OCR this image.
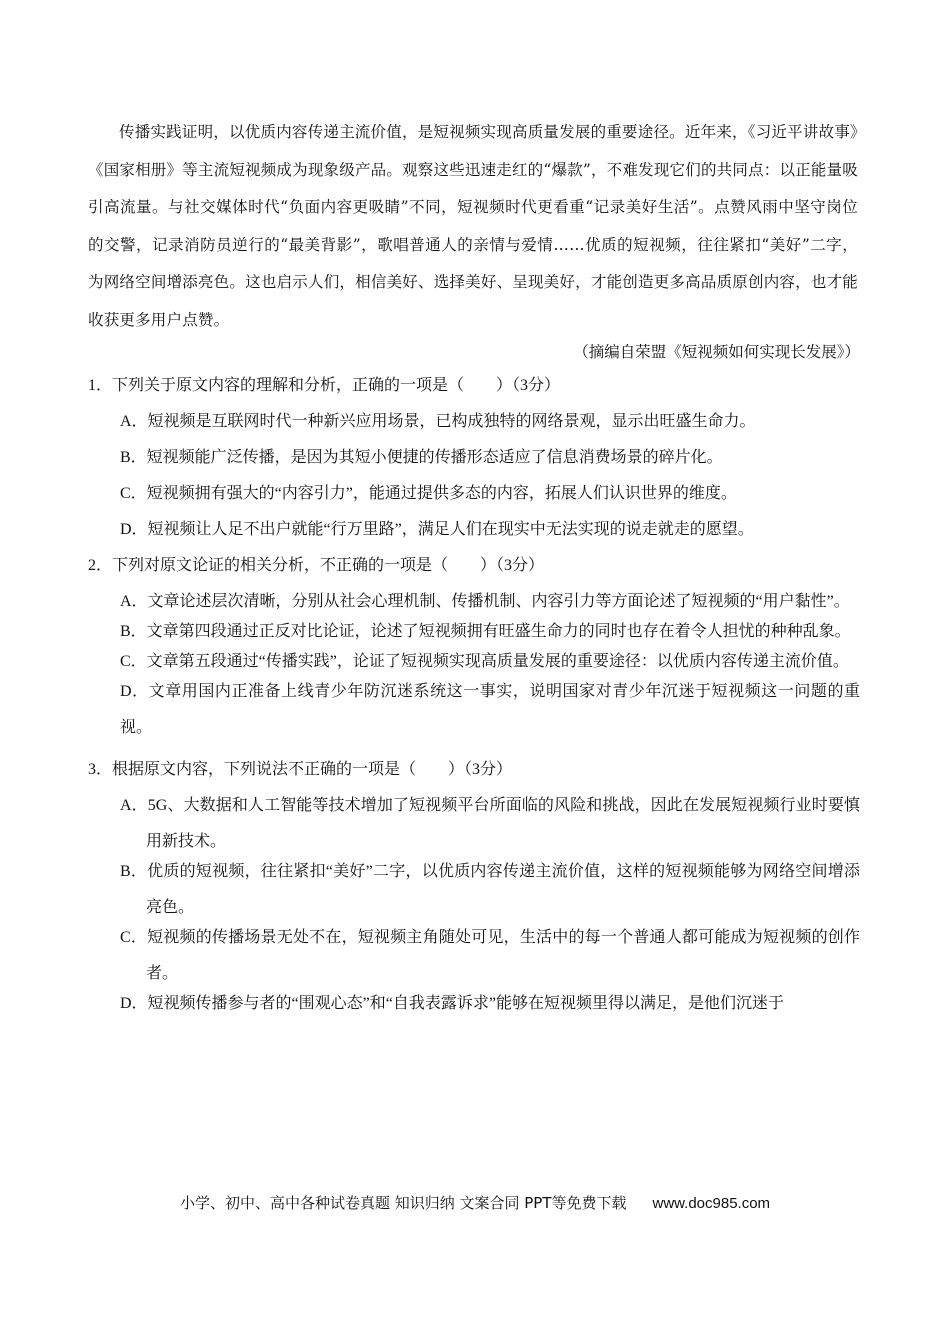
传播实践证明，以优质内容传递主流价值，是短视频实现高质量发展的重要途径。近年来，《习近平讲故事》《国家相册》等主流短视频成为现象级产品。观察这些迅速走红的“爆款”，不难发现它们的共同点：以正能量吸引高流量。与社交媒体时代“负面内容更吸睛”不同，短视频时代更看重“记录美好生活”。点赞风雨中坚守岗位的交警，记录消防员逆行的“最美背影”，歌唱普通人的亲情与爱情……优质的短视频，往往紧扣“美好”二字，为网络空间增添亮色。这也启示人们，相信美好、选择美好、呈现美好，才能创造更多高品质原创内容，也才能收获更多用户点赞。

（摘编自荣盟《短视频如何实现长发展》）

1．下列关于原文内容的理解和分析，正确的一项是（　　）（3分）

A．短视频是互联网时代一种新兴应用场景，已构成独特的网络景观，显示出旺盛生命力。

B．短视频能广泛传播，是因为其短小便捷的传播形态适应了信息消费场景的碎片化。

C．短视频拥有强大的“内容引力”，能通过提供多态的内容，拓展人们认识世界的维度。

D．短视频让人足不出户就能“行万里路”，满足人们在现实中无法实现的说走就走的愿望。

2．下列对原文论证的相关分析，不正确的一项是（　　）（3分）

A．文章论述层次清晰，分别从社会心理机制、传播机制、内容引力等方面论述了短视频的“用户黏性”。

B．文章第四段通过正反对比论证，论述了短视频拥有旺盛生命力的同时也存在着令人担忧的种种乱象。

C．文章第五段通过“传播实践”，论证了短视频实现高质量发展的重要途径：以优质内容传递主流价值。

D．文章用国内正准备上线青少年防沉迷系统这一事实，说明国家对青少年沉迷于短视频这一问题的重视。

3．根据原文内容，下列说法不正确的一项是（　　）（3分）

A．5G、大数据和人工智能等技术增加了短视频平台所面临的风险和挑战，因此在发展短视频行业时要慎用新技术。

B．优质的短视频，往往紧扣“美好”二字，以优质内容传递主流价值，这样的短视频能够为网络空间增添亮色。

C．短视频的传播场景无处不在，短视频主角随处可见，生活中的每一个普通人都可能成为短视频的创作者。

D．短视频传播参与者的“围观心态”和“自我表露诉求”能够在短视频里得以满足，是他们沉迷于

小学、初中、高中各种试卷真题 知识归纳 文案合同 PPT等免费下载 www.doc985.com
